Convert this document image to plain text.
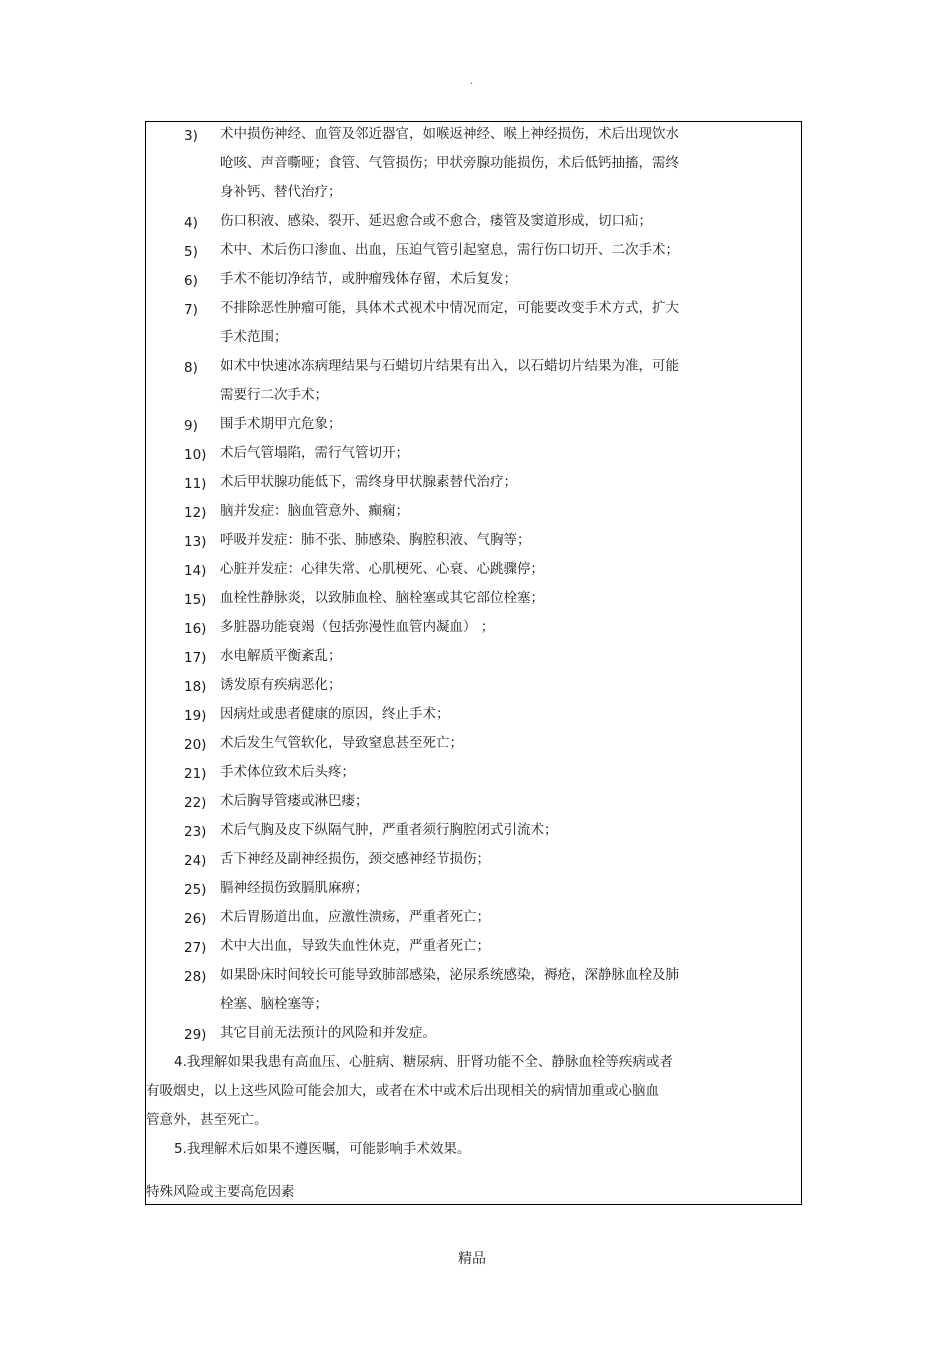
.
3) 术中损伤神经、血管及邻近器官，如喉返神经、喉上神经损伤，术后出现饮水
呛咳、声音嘶哑；食管、气管损伤；甲状旁腺功能损伤，术后低钙抽搐，需终
身补钙、替代治疗；
4) 伤口积液、感染、裂开、延迟愈合或不愈合，瘘管及窦道形成，切口疝；
5) 术中、术后伤口渗血、出血，压迫气管引起窒息，需行伤口切开、二次手术；
6) 手术不能切净结节，或肿瘤残体存留，术后复发；
7) 不排除恶性肿瘤可能，具体术式视术中情况而定，可能要改变手术方式，扩大
手术范围；
8) 如术中快速冰冻病理结果与石蜡切片结果有出入，以石蜡切片结果为准，可能
需要行二次手术；
9) 围手术期甲亢危象；
10) 术后气管塌陷，需行气管切开；
11) 术后甲状腺功能低下，需终身甲状腺素替代治疗；
12) 脑并发症：脑血管意外、癫痫；
13) 呼吸并发症：肺不张、肺感染、胸腔积液、气胸等；
14) 心脏并发症：心律失常、心肌梗死、心衰、心跳骤停；
15) 血栓性静脉炎，以致肺血栓、脑栓塞或其它部位栓塞；
16) 多脏器功能衰竭（包括弥漫性血管内凝血） ；
17) 水电解质平衡紊乱；
18) 诱发原有疾病恶化；
19) 因病灶或患者健康的原因，终止手术；
20) 术后发生气管软化，导致窒息甚至死亡；
21) 手术体位致术后头疼；
22) 术后胸导管瘘或淋巴瘘；
23) 术后气胸及皮下纵隔气肿，严重者须行胸腔闭式引流术；
24) 舌下神经及副神经损伤，颈交感神经节损伤；
25) 膈神经损伤致膈肌麻痹；
26) 术后胃肠道出血，应激性溃疡，严重者死亡；
27) 术中大出血，导致失血性休克，严重者死亡；
28) 如果卧床时间较长可能导致肺部感染，泌尿系统感染，褥疮，深静脉血栓及肺
栓塞、脑栓塞等；
29) 其它目前无法预计的风险和并发症。
4.我理解如果我患有高血压、心脏病、糖尿病、肝肾功能不全、静脉血栓等疾病或者
有吸烟史，以上这些风险可能会加大，或者在术中或术后出现相关的病情加重或心脑血
管意外，甚至死亡。
5.我理解术后如果不遵医嘱，可能影响手术效果。
特殊风险或主要高危因素
精品
